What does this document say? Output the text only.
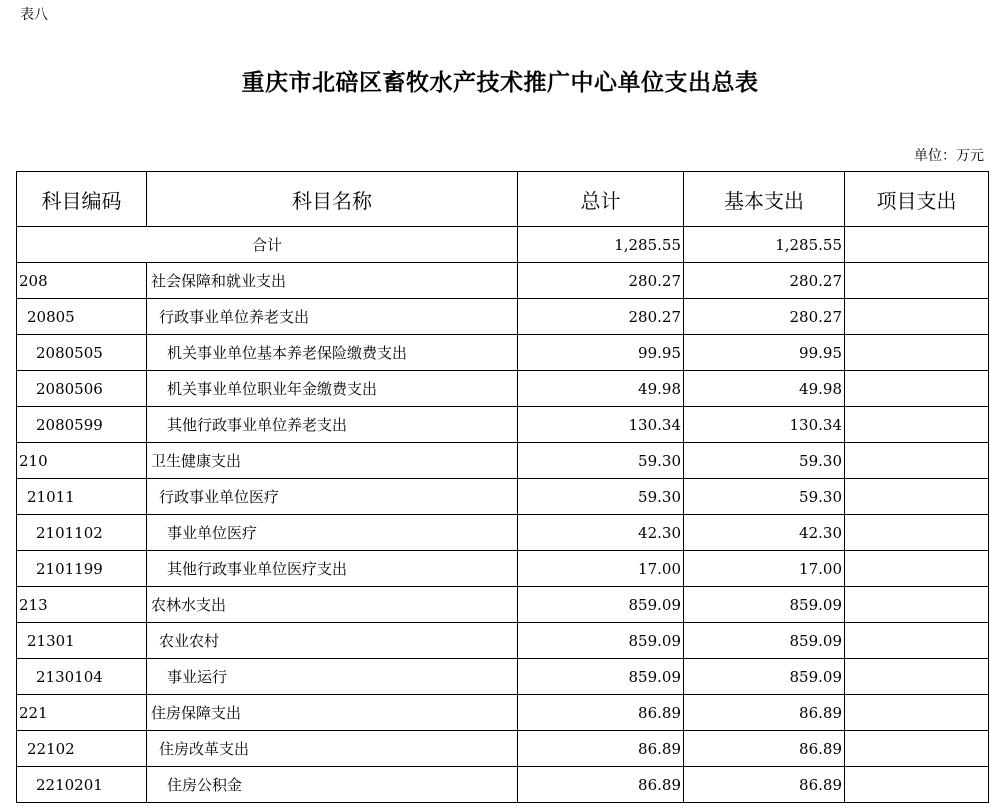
表八
重庆市北碚区畜牧水产技术推广中心单位支出总表
单位：万元
科目编码	科目名称	总计	基本支出	项目支出
合计		1,285.55	1,285.55	
208	社会保障和就业支出	280.27	280.27	
20805	行政事业单位养老支出	280.27	280.27	
2080505	机关事业单位基本养老保险缴费支出	99.95	99.95	
2080506	机关事业单位职业年金缴费支出	49.98	49.98	
2080599	其他行政事业单位养老支出	130.34	130.34	
210	卫生健康支出	59.30	59.30	
21011	行政事业单位医疗	59.30	59.30	
2101102	事业单位医疗	42.30	42.30	
2101199	其他行政事业单位医疗支出	17.00	17.00	
213	农林水支出	859.09	859.09	
21301	农业农村	859.09	859.09	
2130104	事业运行	859.09	859.09	
221	住房保障支出	86.89	86.89	
22102	住房改革支出	86.89	86.89	
2210201	住房公积金	86.89	86.89	
